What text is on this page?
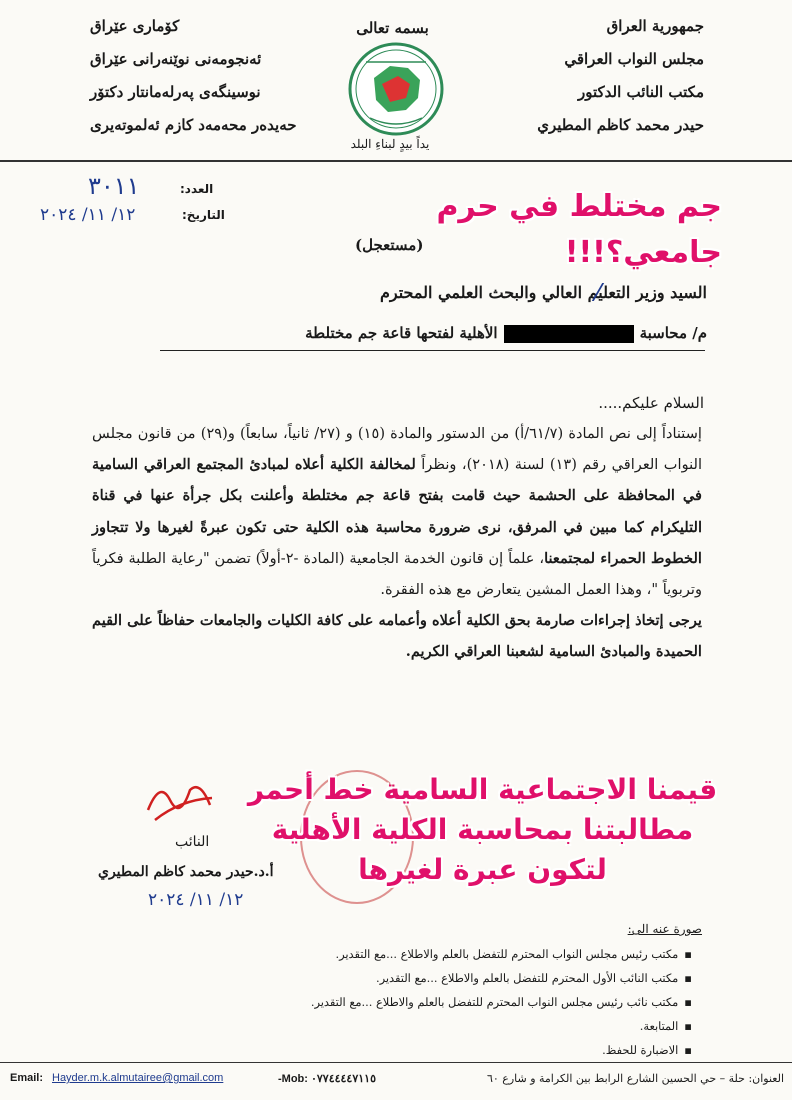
جمهورية العراق
مجلس النواب العراقي
مكتب النائب الدكتور
حيدر محمد كاظم المطيري
كۆماری عێراق
ئەنجومەنی نوێنەرانی عێراق
نوسینگەی پەرلەمانتار دکتۆر
حەیدەر محەمەد کازم ئەلموتەیری
بسمه تعالى
يداً بيدٍ لبناءِ البلد
العدد:
التاريخ:
٣٠١١
١٢/ ١١/ ٢٠٢٤	جم مختلط في حرم
جامعي؟!!!
(مستعجل)
السيد وزير التعليم العالي والبحث العلمي المحترم
م/ محاسبةالأهلية لفتحها قاعة جم مختلطة
السلام عليكم.....

إستناداً إلى نص المادة (٦١/٧/أ) من الدستور والمادة (١٥) و (٢٧/ ثانياً، سابعاً) و(٢٩) من قانون مجلس النواب العراقي رقم (١٣) لسنة (٢٠١٨)، ونظراً لمخالفة الكلية أعلاه لمبادئ المجتمع العراقي السامية في المحافظة على الحشمة حيث قامت بفتح قاعة جم مختلطة وأعلنت بكل جرأة عنها في قناة التليكرام كما مبين في المرفق، نرى ضرورة محاسبة هذه الكلية حتى تكون عبرةً لغيرها ولا تتجاوز الخطوط الحمراء لمجتمعنا، علماً إن قانون الخدمة الجامعية (المادة -٢-أولاً) تضمن "رعاية الطلبة فكرياً وتربوياً "، وهذا العمل المشين يتعارض مع هذه الفقرة.

يرجى إتخاذ إجراءات صارمة بحق الكلية أعلاه وأعمامه على كافة الكليات والجامعات حفاظاً على القيم الحميدة والمبادئ السامية لشعبنا العراقي الكريم.

النائب
أ.د.حيدر محمد كاظم المطيري
١٢/ ١١/ ٢٠٢٤
قيمنا الاجتماعية السامية خط أحمر
مطالبتنا بمحاسبة الكلية الأهلية
لتكون عبرة لغيرها
صورة عنه الى:
▪ مكتب رئيس مجلس النواب المحترم للتفضل بالعلم والاطلاع ...مع التقدير.
▪ مكتب النائب الأول المحترم للتفضل بالعلم والاطلاع ...مع التقدير.
▪ مكتب نائب رئيس مجلس النواب المحترم للتفضل بالعلم والاطلاع ...مع التقدير.
▪ المتابعة.
▪ الاضبارة للحفظ.
Email: Hayder.m.k.almutairee@gmail.com	-Mob: ٠٧٧٤٤٤٤٧١١٥	العنوان: حلة – حي الحسين الشارع الرابط بين الكرامة و شارع ٦٠
